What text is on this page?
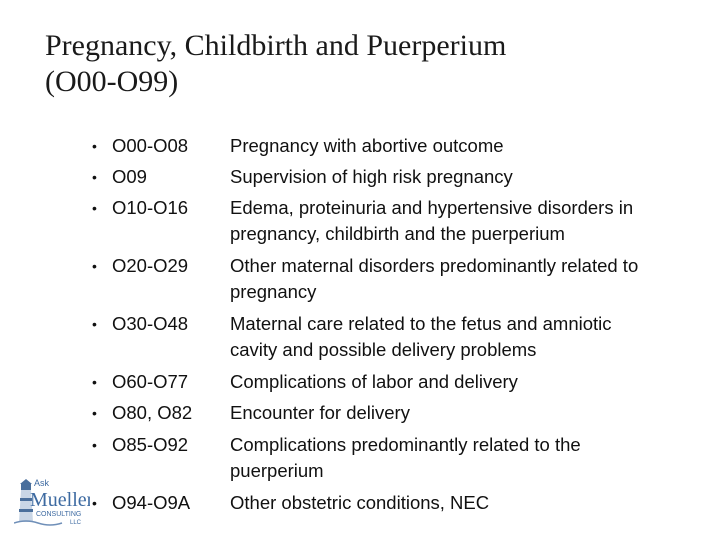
Pregnancy, Childbirth and Puerperium
(O00-O99)
• O00-O08 Pregnancy with abortive outcome
• O09	Supervision of high risk pregnancy
• O10-O16 Edema, proteinuria and hypertensive disorders in
pregnancy, childbirth and the puerperium
• O20-O29 Other maternal disorders predominantly related to
pregnancy
• O30-O48 Maternal care related to the fetus and amniotic
cavity and possible delivery problems
• O60-O77 Complications of labor and delivery
• O80, O82 Encounter for delivery
• O85-O92 Complications predominantly related to the
puerperium
• O94-O9A Other obstetric conditions, NEC
Ask
Mueller
CONSULTING
LLC
